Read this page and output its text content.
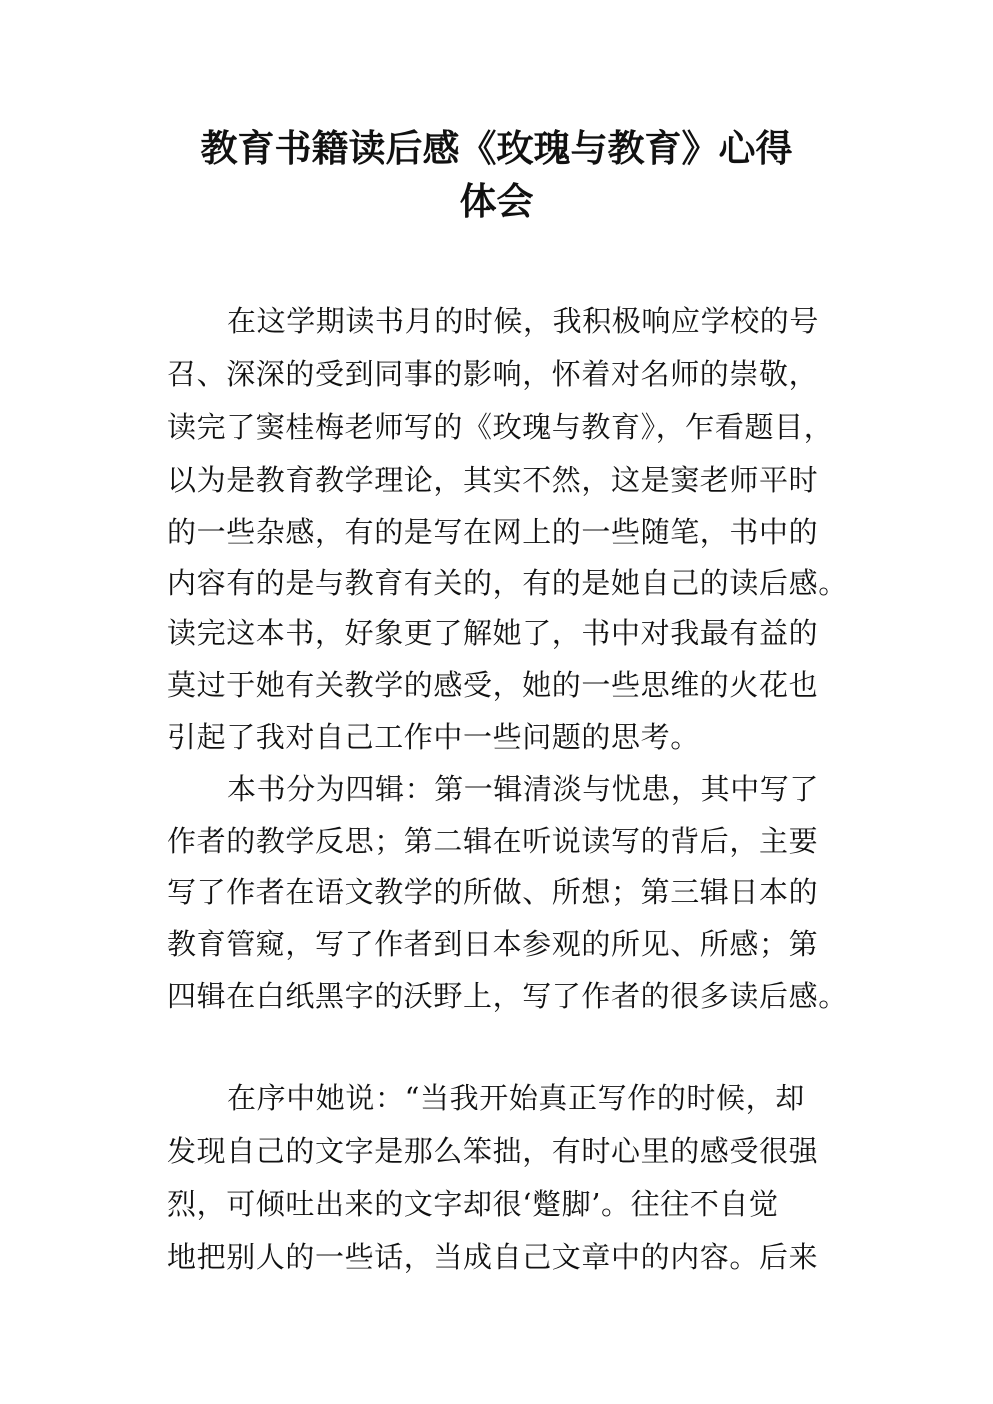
教育书籍读后感《玫瑰与教育》心得
体会
在这学期读书月的时候，我积极响应学校的号
召、深深的受到同事的影响，怀着对名师的崇敬，
读完了窦桂梅老师写的《玫瑰与教育》，乍看题目，
以为是教育教学理论，其实不然，这是窦老师平时
的一些杂感，有的是写在网上的一些随笔，书中的
内容有的是与教育有关的，有的是她自己的读后感。
读完这本书，好象更了解她了，书中对我最有益的
莫过于她有关教学的感受，她的一些思维的火花也
引起了我对自己工作中一些问题的思考。
本书分为四辑：第一辑清淡与忧患，其中写了
作者的教学反思；第二辑在听说读写的背后，主要
写了作者在语文教学的所做、所想；第三辑日本的
教育管窥，写了作者到日本参观的所见、所感；第
四辑在白纸黑字的沃野上，写了作者的很多读后感。
在序中她说：“当我开始真正写作的时候，却
发现自己的文字是那么笨拙，有时心里的感受很强
烈，可倾吐出来的文字却很‘蹩脚’。往往不自觉
地把别人的一些话，当成自己文章中的内容。后来
